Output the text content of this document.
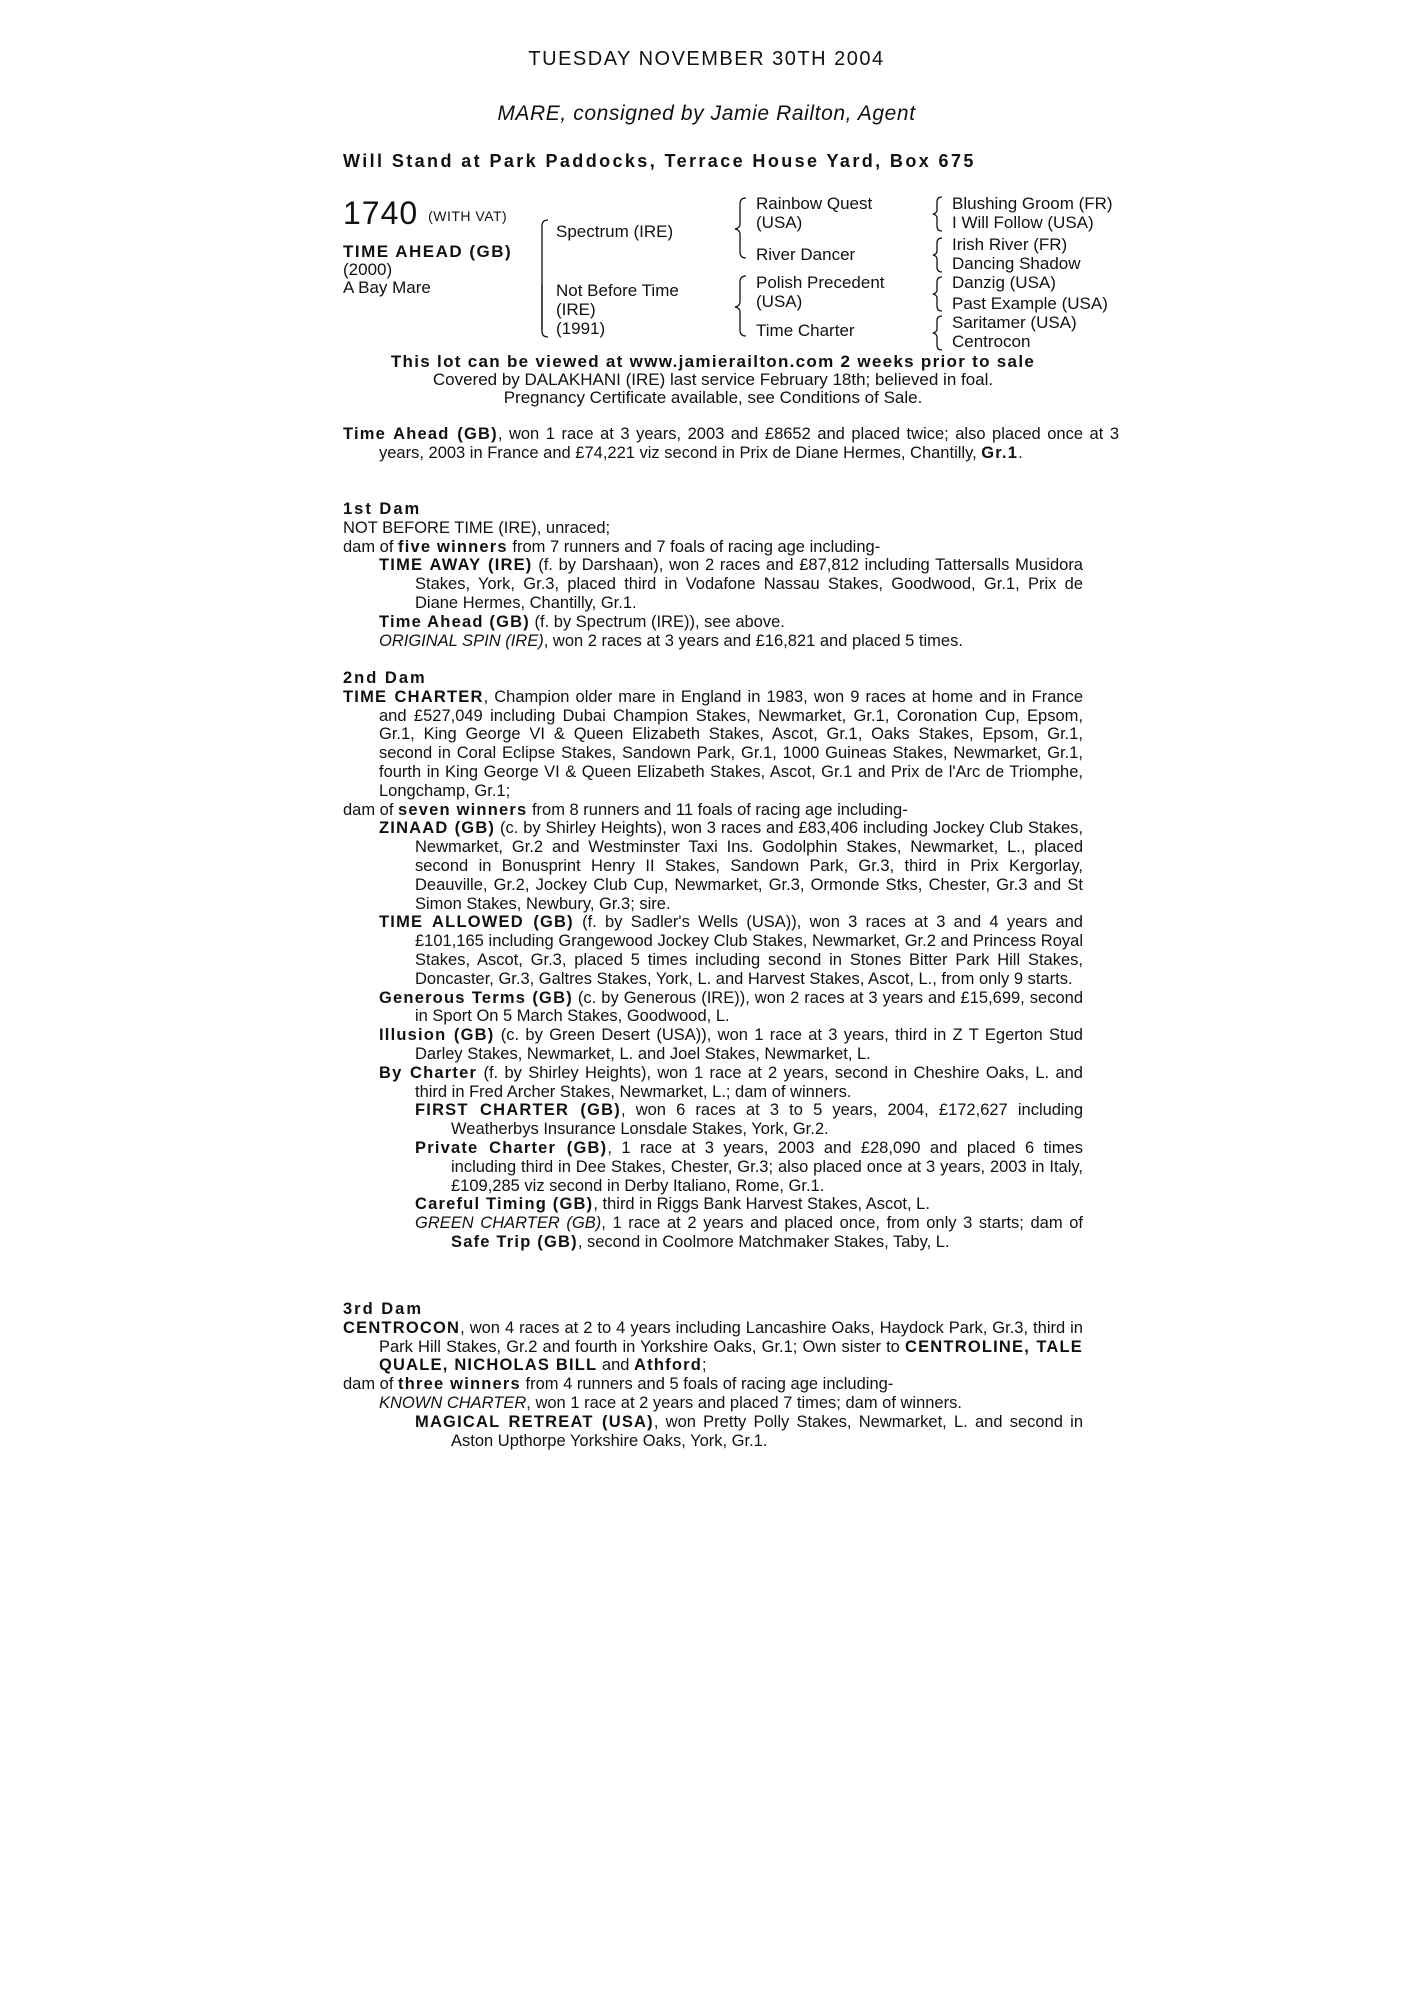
TUESDAY NOVEMBER 30TH 2004
MARE, consigned by Jamie Railton, Agent
Will Stand at Park Paddocks, Terrace House Yard, Box 675
1740 (WITH VAT)
TIME AHEAD (GB)
(2000)
A Bay Mare
Spectrum (IRE)
Not Before Time
(IRE)
(1991)
Rainbow Quest
(USA)
River Dancer
Polish Precedent
(USA)
Time Charter
Blushing Groom (FR)
I Will Follow (USA)
Irish River (FR)
Dancing Shadow
Danzig (USA)
Past Example (USA)
Saritamer (USA)
Centrocon
This lot can be viewed at www.jamierailton.com 2 weeks prior to sale
Covered by DALAKHANI (IRE) last service February 18th; believed in foal.
Pregnancy Certificate available, see Conditions of Sale.
Time Ahead (GB), won 1 race at 3 years, 2003 and £8652 and placed twice; also placed once at 3 years, 2003 in France and £74,221 viz second in Prix de Diane Hermes, Chantilly, Gr.1.
1st Dam
NOT BEFORE TIME (IRE), unraced;
dam of five winners from 7 runners and 7 foals of racing age including-
TIME AWAY (IRE) (f. by Darshaan), won 2 races and £87,812 including Tattersalls Musidora Stakes, York, Gr.3, placed third in Vodafone Nassau Stakes, Goodwood, Gr.1, Prix de Diane Hermes, Chantilly, Gr.1.
Time Ahead (GB) (f. by Spectrum (IRE)), see above.
ORIGINAL SPIN (IRE), won 2 races at 3 years and £16,821 and placed 5 times.
2nd Dam
TIME CHARTER, Champion older mare in England in 1983, won 9 races at home and in France and £527,049 including Dubai Champion Stakes, Newmarket, Gr.1, Coronation Cup, Epsom, Gr.1, King George VI & Queen Elizabeth Stakes, Ascot, Gr.1, Oaks Stakes, Epsom, Gr.1, second in Coral Eclipse Stakes, Sandown Park, Gr.1, 1000 Guineas Stakes, Newmarket, Gr.1, fourth in King George VI & Queen Elizabeth Stakes, Ascot, Gr.1 and Prix de l'Arc de Triomphe, Longchamp, Gr.1;
dam of seven winners from 8 runners and 11 foals of racing age including-
ZINAAD (GB) (c. by Shirley Heights), won 3 races and £83,406 including Jockey Club Stakes, Newmarket, Gr.2 and Westminster Taxi Ins. Godolphin Stakes, Newmarket, L., placed second in Bonusprint Henry II Stakes, Sandown Park, Gr.3, third in Prix Kergorlay, Deauville, Gr.2, Jockey Club Cup, Newmarket, Gr.3, Ormonde Stks, Chester, Gr.3 and St Simon Stakes, Newbury, Gr.3; sire.
TIME ALLOWED (GB) (f. by Sadler's Wells (USA)), won 3 races at 3 and 4 years and £101,165 including Grangewood Jockey Club Stakes, Newmarket, Gr.2 and Princess Royal Stakes, Ascot, Gr.3, placed 5 times including second in Stones Bitter Park Hill Stakes, Doncaster, Gr.3, Galtres Stakes, York, L. and Harvest Stakes, Ascot, L., from only 9 starts.
Generous Terms (GB) (c. by Generous (IRE)), won 2 races at 3 years and £15,699, second in Sport On 5 March Stakes, Goodwood, L.
Illusion (GB) (c. by Green Desert (USA)), won 1 race at 3 years, third in Z T Egerton Stud Darley Stakes, Newmarket, L. and Joel Stakes, Newmarket, L.
By Charter (f. by Shirley Heights), won 1 race at 2 years, second in Cheshire Oaks, L. and third in Fred Archer Stakes, Newmarket, L.; dam of winners.
FIRST CHARTER (GB), won 6 races at 3 to 5 years, 2004, £172,627 including Weatherbys Insurance Lonsdale Stakes, York, Gr.2.
Private Charter (GB), 1 race at 3 years, 2003 and £28,090 and placed 6 times including third in Dee Stakes, Chester, Gr.3; also placed once at 3 years, 2003 in Italy, £109,285 viz second in Derby Italiano, Rome, Gr.1.
Careful Timing (GB), third in Riggs Bank Harvest Stakes, Ascot, L.
GREEN CHARTER (GB), 1 race at 2 years and placed once, from only 3 starts; dam of Safe Trip (GB), second in Coolmore Matchmaker Stakes, Taby, L.
3rd Dam
CENTROCON, won 4 races at 2 to 4 years including Lancashire Oaks, Haydock Park, Gr.3, third in Park Hill Stakes, Gr.2 and fourth in Yorkshire Oaks, Gr.1; Own sister to CENTROLINE, TALE QUALE, NICHOLAS BILL and Athford;
dam of three winners from 4 runners and 5 foals of racing age including-
KNOWN CHARTER, won 1 race at 2 years and placed 7 times; dam of winners.
MAGICAL RETREAT (USA), won Pretty Polly Stakes, Newmarket, L. and second in Aston Upthorpe Yorkshire Oaks, York, Gr.1.
